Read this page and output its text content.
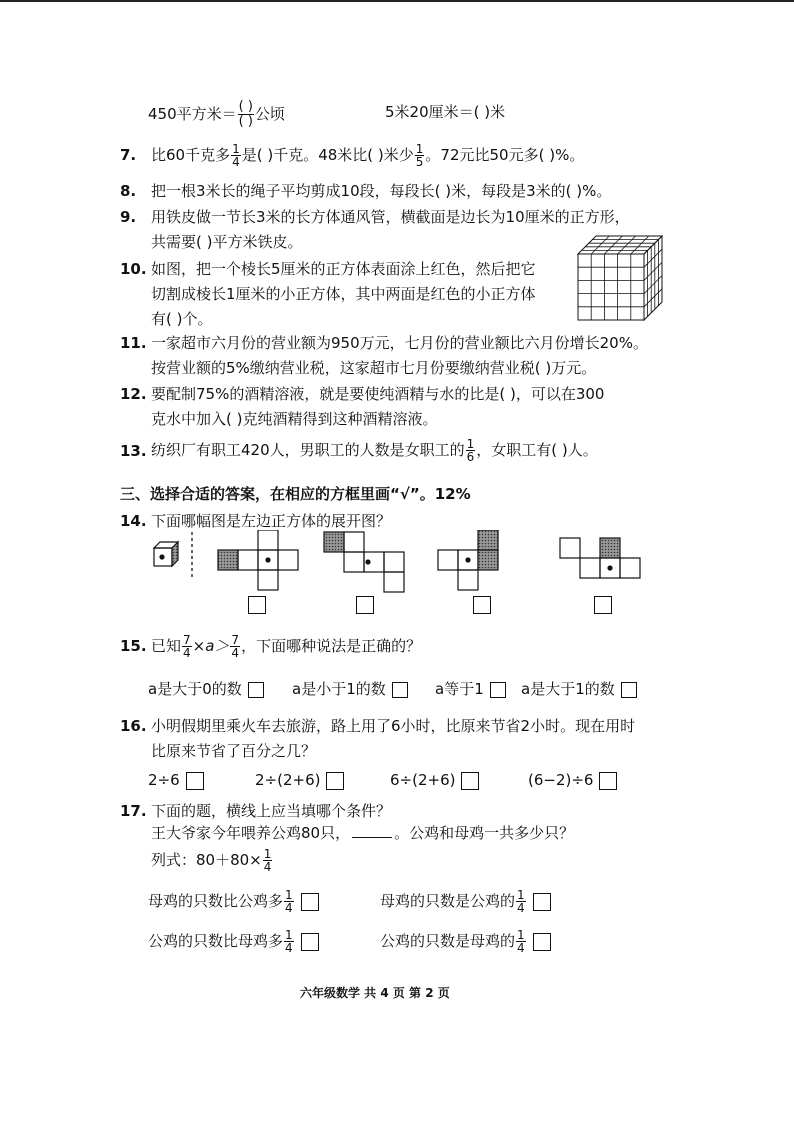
450平方米＝ $\frac{( )}{( )}$ 公顷	5米20厘米＝( )米
7. 比60千克多 $\frac{1}{4}$ 是( )千克。48米比( )米少 $\frac{1}{5}$ 。72元比50元多( )%。
8. 把一根3米长的绳子平均剪成10段，每段长( )米，每段是3米的( )%。
9. 用铁皮做一节长3米的长方体通风管，横截面是边长为10厘米的正方形，
共需要( )平方米铁皮。
10. 如图，把一个棱长5厘米的正方体表面涂上红色，然后把它
切割成棱长1厘米的小正方体，其中两面是红色的小正方体
有( )个。
11. 一家超市六月份的营业额为950万元，七月份的营业额比六月份增长20%。
按营业额的5%缴纳营业税，这家超市七月份要缴纳营业税( )万元。
12. 要配制75%的酒精溶液，就是要使纯酒精与水的比是( )，可以在300
克水中加入( )克纯酒精得到这种酒精溶液。
13. 纺织厂有职工420人，男职工的人数是女职工的 $\frac{1}{6}$ ，女职工有( )人。
三、选择合适的答案，在相应的方框里画“√”。12%
14. 下面哪幅图是左边正方体的展开图？
15. 已知 $\frac{7}{4} \times a> \frac{7}{4}$ ，下面哪种说法是正确的？
a是大于0的数	a是小于1的数	a等于1	a是大于1的数
16. 小明假期里乘火车去旅游，路上用了6小时，比原来节省2小时。现在用时
比原来节省了百分之几？
2÷6	2÷(2+6)	6÷(2+6)	(6−2)÷6
17. 下面的题，横线上应当填哪个条件？
王大爷家今年喂养公鸡80只，	。公鸡和母鸡一共多少只？
列式：$80+80\times \frac{1}{4}$
母鸡的只数比公鸡多 $\frac{1}{4}$	母鸡的只数是公鸡的 $\frac{1}{4}$
公鸡的只数比母鸡多 $\frac{1}{4}$	公鸡的只数是母鸡的 $\frac{1}{4}$
六年级数学 共 4 页 第 2 页
